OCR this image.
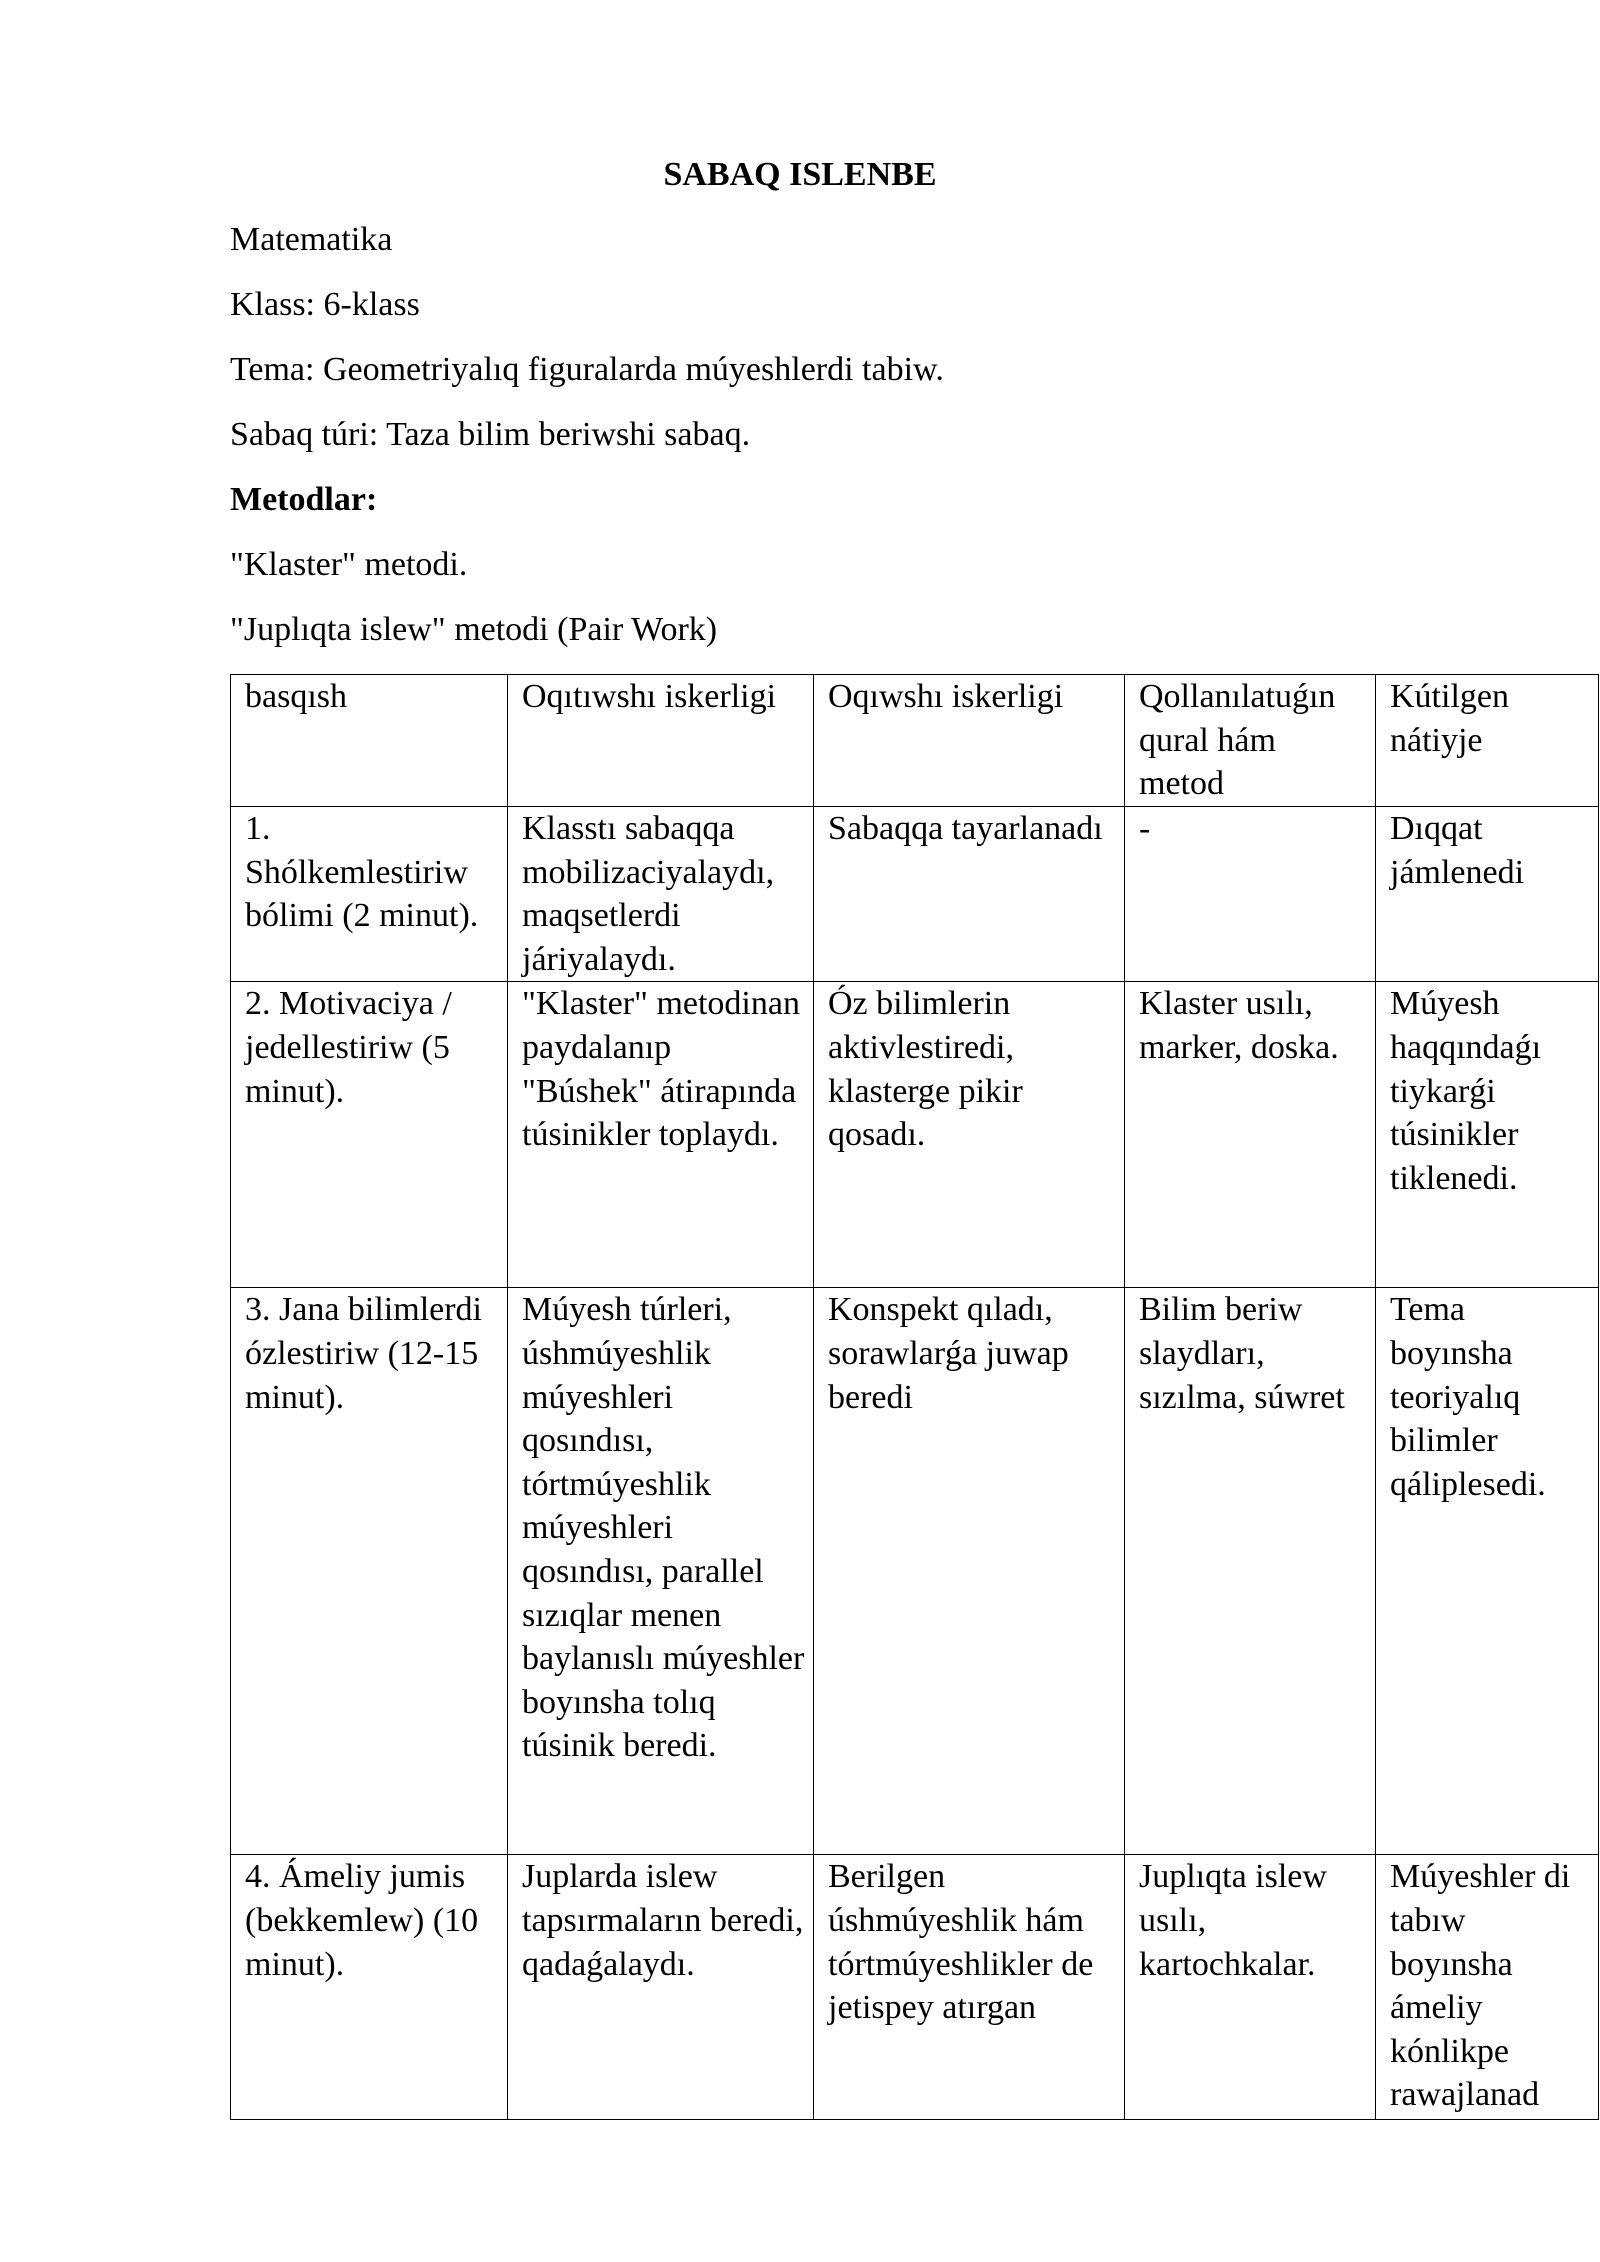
SABAQ ISLENBE
Matematika
Klass: 6-klass
Tema: Geometriyalıq figuralarda múyeshlerdi tabiw.
Sabaq túri: Taza bilim beriwshi sabaq.
Metodlar:
"Klaster" metodi.
"Juplıqta islew" metodi (Pair Work)
basqısh	Oqıtıwshı iskerligi	Oqıwshı iskerligi	Qollanılatuǵın qural hám metod	Kútilgen nátiyje

1. Shólkemlestiriw bólimi (2 minut).	Klasstı sabaqqa mobilizaciyalaydı, maqsetlerdi járiyalaydı.	Sabaqqa tayarlanadı	-	Dıqqat jámlenedi

2. Motivaciya / jedellestiriw (5 minut).	"Klaster" metodinan paydalanıp "Búshek" átirapında túsinikler toplaydı.	Óz bilimlerin aktivlestiredi, klasterge pikir qosadı.	Klaster usılı, marker, doska.	Múyesh haqqındaǵı tiykarǵi túsinikler tiklenedi.

3. Jana bilimlerdi ózlestiriw (12-15 minut).	Múyesh túrleri, úshmúyeshlik múyeshleri qosındısı, tórtmúyeshlik múyeshleri qosındısı, parallel sızıqlar menen baylanıslı múyeshler boyınsha tolıq túsinik beredi.	Konspekt qıladı, sorawlarǵa juwap beredi	Bilim beriw slaydları, sızılma, súwret	Tema boyınsha teoriyalıq bilimler qáliplesedi.

4. Ámeliy jumis (bekkemlew) (10 minut).	Juplarda islew tapsırmaların beredi, qadaǵalaydı.	Berilgen úshmúyeshlik hám tórtmúyeshlikler de jetispey atırgan	Juplıqta islew usılı, kartochkalar.	Múyeshler di tabıw boyınsha ámeliy kónlikpe rawajlanad
